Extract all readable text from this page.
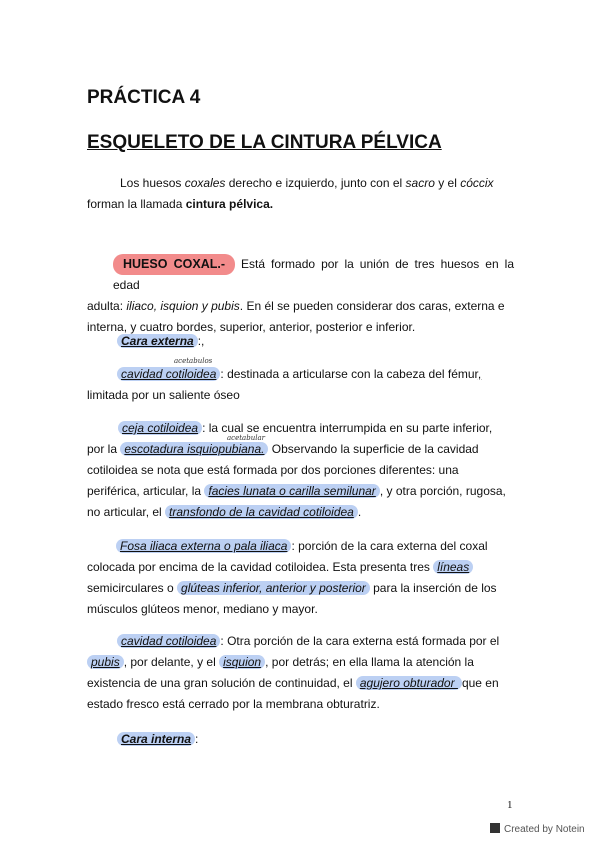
PRÁCTICA 4
ESQUELETO DE LA CINTURA PÉLVICA
Los huesos coxales derecho e izquierdo, junto con el sacro y el cóccix
forman la llamada cintura pélvica.
HUESO COXAL.- Está formado por la unión de tres huesos en la edad
adulta: iliaco, isquion y pubis. En él se pueden considerar dos caras, externa e
interna, y cuatro bordes, superior, anterior, posterior e inferior.
Cara externa :,
acetabulos
cavidad cotiloidea : destinada a articularse con la cabeza del fémur,
limitada por un saliente óseo
acetabular
ceja cotiloidea : la cual se encuentra interrumpida en su parte inferior,
por la escotadura isquiopubiana. Observando la superficie de la cavidad
cotiloidea se nota que está formada por dos porciones diferentes: una
periférica, articular, la facies lunata o carilla semilunar , y otra porción, rugosa,
no articular, el transfondo de la cavidad cotiloidea .
Fosa iliaca externa o pala iliaca : porción de la cara externa del coxal
colocada por encima de la cavidad cotiloidea. Esta presenta tres líneas
semicirculares o glúteas inferior, anterior y posterior para la inserción de los
músculos glúteos menor, mediano y mayor.
cavidad cotiloidea : Otra porción de la cara externa está formada por el
pubis , por delante, y el isquion , por detrás; en ella llama la atención la
existencia de una gran solución de continuidad, el agujero obturador que en
estado fresco está cerrado por la membrana obturatriz.
Cara interna :
1
Created by Notein
